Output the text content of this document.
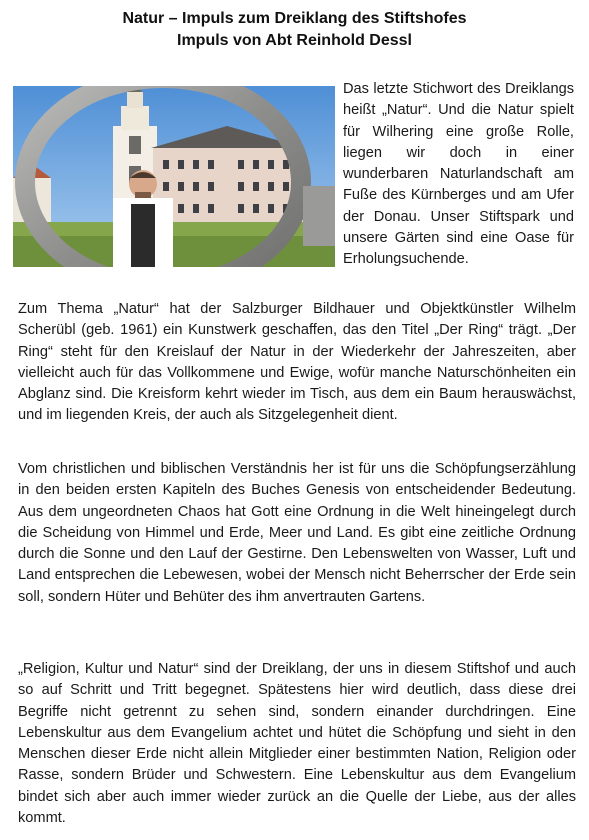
Natur – Impuls zum Dreiklang des Stiftshofes
Impuls von Abt Reinhold Dessl

Das letzte Stichwort des Dreiklangs heißt „Natur“. Und die Natur spielt für Wilhering eine große Rolle, liegen wir doch in einer wunderbaren Naturlandschaft am Fuße des Kürnberges und am Ufer der Donau. Unser Stiftspark und unsere Gärten sind eine Oase für Erholungsuchende.

Zum Thema „Natur“ hat der Salzburger Bildhauer und Objektkünstler Wilhelm Scherübl (geb. 1961) ein Kunstwerk geschaffen, das den Titel „Der Ring“ trägt. „Der Ring“ steht für den Kreislauf der Natur in der Wiederkehr der Jahreszeiten, aber vielleicht auch für das Vollkommene und Ewige, wofür manche Naturschönheiten ein Abglanz sind. Die Kreisform kehrt wieder im Tisch, aus dem ein Baum herauswächst, und im liegenden Kreis, der auch als Sitzgelegenheit dient.

Vom christlichen und biblischen Verständnis her ist für uns die Schöpfungserzählung in den beiden ersten Kapiteln des Buches Genesis von entscheidender Bedeutung. Aus dem ungeordneten Chaos hat Gott eine Ordnung in die Welt hineingelegt durch die Scheidung von Himmel und Erde, Meer und Land. Es gibt eine zeitliche Ordnung durch die Sonne und den Lauf der Gestirne. Den Lebenswelten von Wasser, Luft und Land entsprechen die Lebewesen, wobei der Mensch nicht Beherrscher der Erde sein soll, sondern Hüter und Behüter des ihm anvertrauten Gartens.

„Religion, Kultur und Natur“ sind der Dreiklang, der uns in diesem Stiftshof und auch so auf Schritt und Tritt begegnet. Spätestens hier wird deutlich, dass diese drei Begriffe nicht getrennt zu sehen sind, sondern einander durchdringen. Eine Lebenskultur aus dem Evangelium achtet und hütet die Schöpfung und sieht in den Menschen dieser Erde nicht allein Mitglieder einer bestimmten Nation, Religion oder Rasse, sondern Brüder und Schwestern. Eine Lebenskultur aus dem Evangelium bindet sich aber auch immer wieder zurück an die Quelle der Liebe, aus der alles kommt.
